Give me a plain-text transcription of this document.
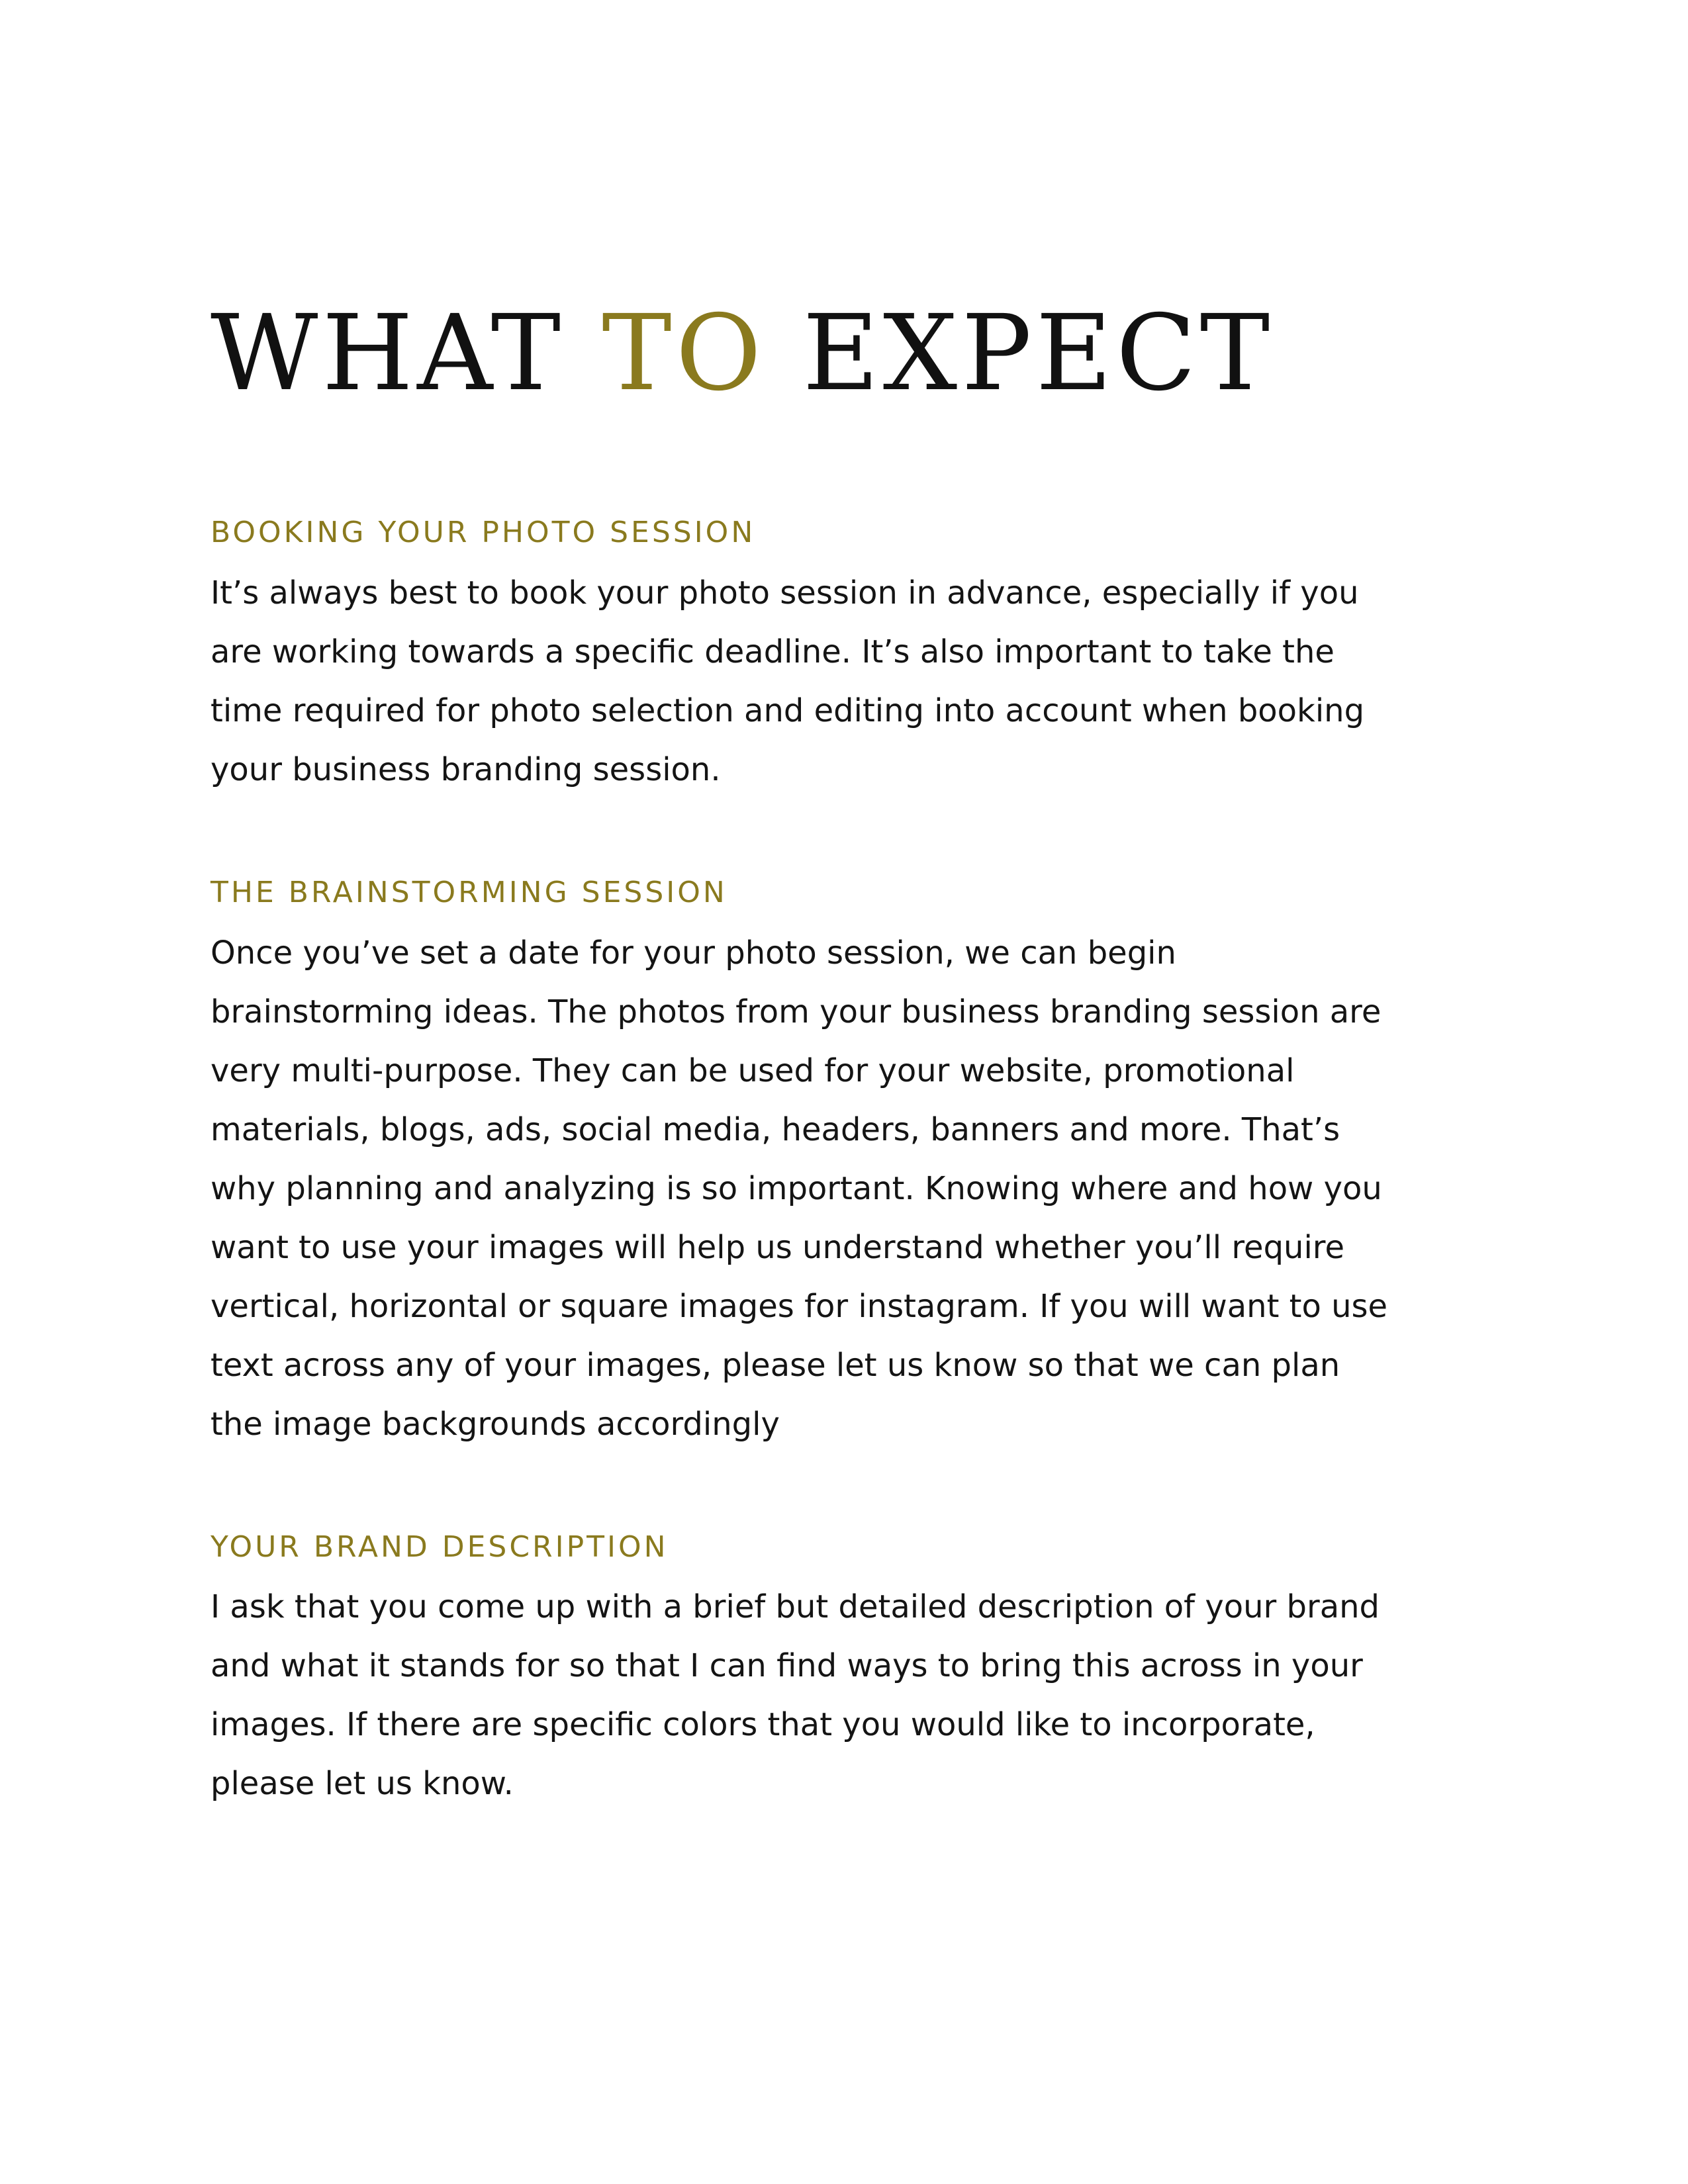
WHAT TO EXPECT
BOOKING YOUR PHOTO SESSION

It’s always best to book your photo session in advance, especially if you are working towards a specific deadline. It’s also important to take the time required for photo selection and editing into account when booking your business branding session.

THE BRAINSTORMING SESSION

Once you’ve set a date for your photo session, we can begin brainstorming ideas. The photos from your business branding session are very multi-purpose. They can be used for your website, promotional materials, blogs, ads, social media, headers, banners and more. That’s why planning and analyzing is so important. Knowing where and how you want to use your images will help us understand whether you’ll require vertical, horizontal or square images for instagram. If you will want to use text across any of your images, please let us know so that we can plan the image backgrounds accordingly

YOUR BRAND DESCRIPTION

I ask that you come up with a brief but detailed description of your brand and what it stands for so that I can find ways to bring this across in your images. If there are specific colors that you would like to incorporate, please let us know.
